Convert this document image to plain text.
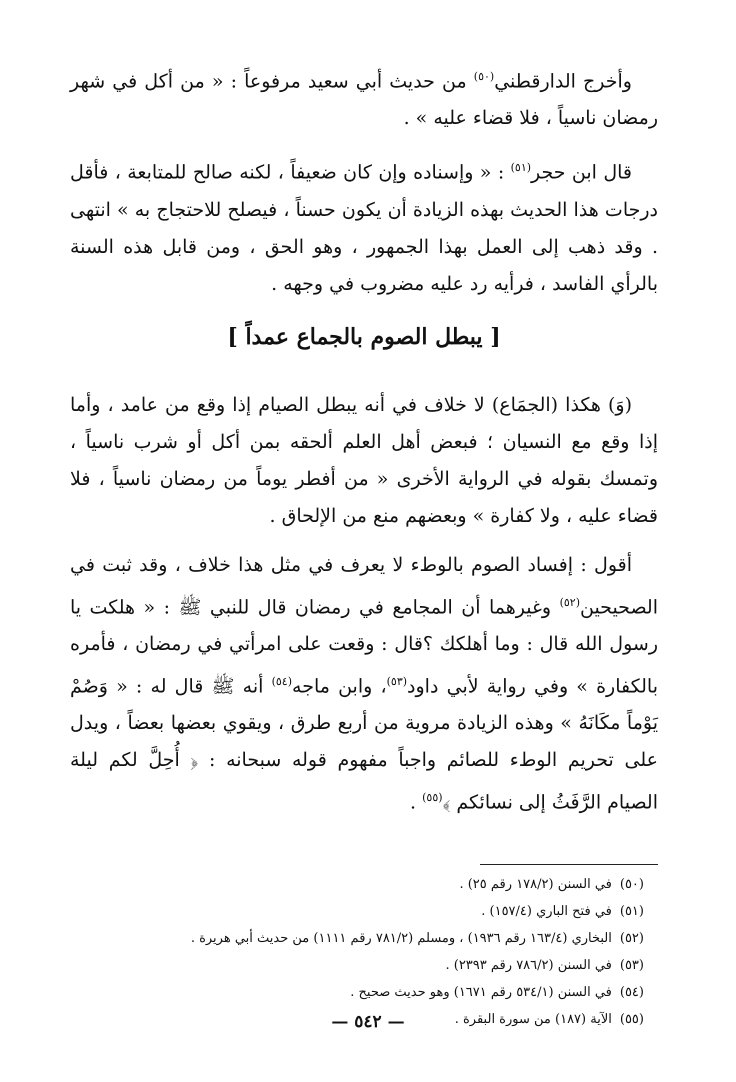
وأخرج الدارقطني$^{(٥٠)}$ من حديث أبي سعيد مرفوعاً : « من أكل في شهر رمضان ناسياً ، فلا قضاء عليه » .

قال ابن حجر$^{(٥١)}$ : « وإسناده وإن كان ضعيفاً ، لكنه صالح للمتابعة ، فأقل درجات هذا الحديث بهذه الزيادة أن يكون حسناً ، فيصلح للاحتجاج به » انتهى . وقد ذهب إلى العمل بهذا الجمهور ، وهو الحق ، ومن قابل هذه السنة بالرأي الفاسد ، فرأيه رد عليه مضروب في وجهه .

[ يبطل الصوم بالجماع عمداً ]

(وَ) هكذا (الجمَاع) لا خلاف في أنه يبطل الصيام إذا وقع من عامد ، وأما إذا وقع مع النسيان ؛ فبعض أهل العلم ألحقه بمن أكل أو شرب ناسياً ، وتمسك بقوله في الرواية الأخرى « من أفطر يوماً من رمضان ناسياً ، فلا قضاء عليه ، ولا كفارة » وبعضهم منع من الإلحاق .

أقول : إفساد الصوم بالوطء لا يعرف في مثل هذا خلاف ، وقد ثبت في الصحيحين$^{(٥٢)}$ وغيرهما أن المجامع في رمضان قال للنبي ﷺ : « هلكت يا رسول الله قال : وما أهلكك ؟قال : وقعت على امرأتي في رمضان ، فأمره بالكفارة » وفي رواية لأبي داود$^{(٥٣)}$، وابن ماجه$^{(٥٤)}$ أنه ﷺ قال له : « وَصُمْ يَوْماً مكَانَهُ » وهذه الزيادة مروية من أربع طرق ، ويقوي بعضها بعضاً ، ويدل على تحريم الوطء للصائم واجباً مفهوم قوله سبحانه : ﴿ أُحِلَّ لكم ليلة الصيام الرَّفَثُ إلى نسائكم ﴾$^{(٥٥)}$ .

(٥٠)في السنن (١٧٨/٢ رقم ٢٥) .
(٥١)في فتح الباري (١٥٧/٤) .
(٥٢)البخاري (١٦٣/٤ رقم ١٩٣٦) ، ومسلم (٧٨١/٢ رقم ١١١١) من حديث أبي هريرة .
(٥٣)في السنن (٧٨٦/٢ رقم ٢٣٩٣) .
(٥٤)في السنن (٥٣٤/١ رقم ١٦٧١) وهو حديث صحيح .
(٥٥)الآية (١٨٧) من سورة البقرة .
— ٥٤٢ —
